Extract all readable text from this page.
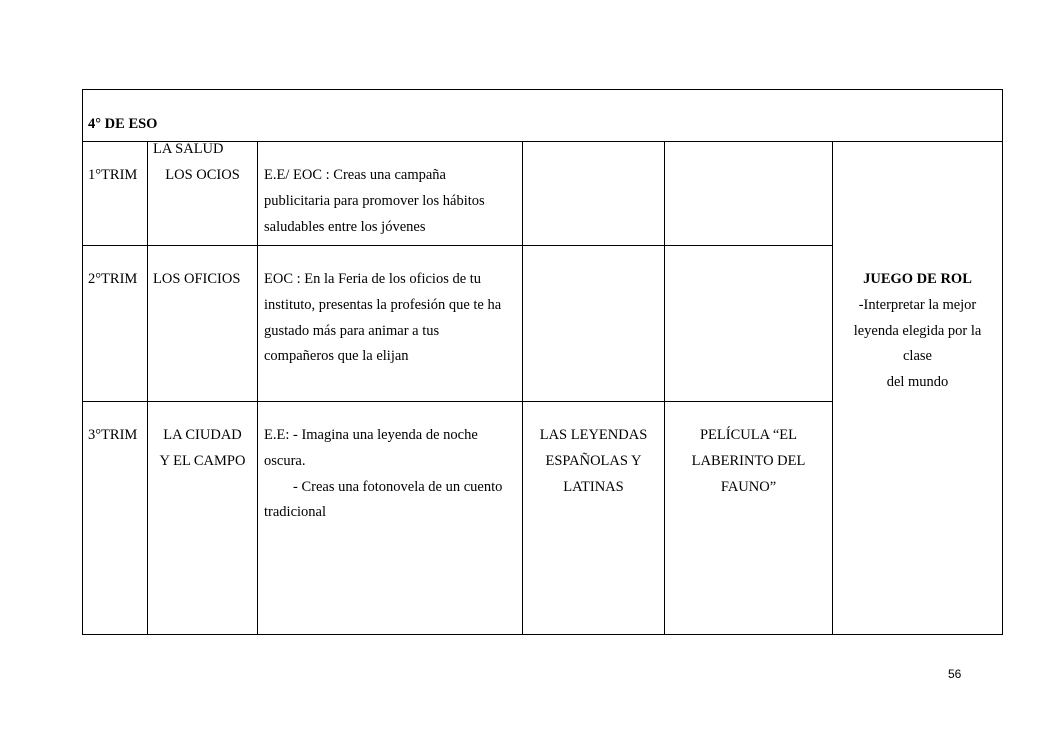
4° DE ESO
1°TRIM
LA SALUD
LOS OCIOS	E.E/ EOC : Creas una campaña
publicitaria para promover los hábitos
saludables entre los jóvenes
2°TRIM LOS OFICIOS EOC : En la Feria de los oficios de tu
instituto, presentas la profesión que te ha
gustado más para animar a tus
compañeros que la elijan
3°TRIM	LA CIUDAD
Y EL CAMPO
E.E: - Imagina una leyenda de noche
oscura.
- Creas una fotonovela de un cuento
tradicional
LAS LEYENDAS
ESPAÑOLAS Y
LATINAS
PELÍCULA “EL
LABERINTO DEL
FAUNO”
JUEGO DE ROL
-Interpretar la mejor
leyenda elegida por la
clase
del mundo
56
